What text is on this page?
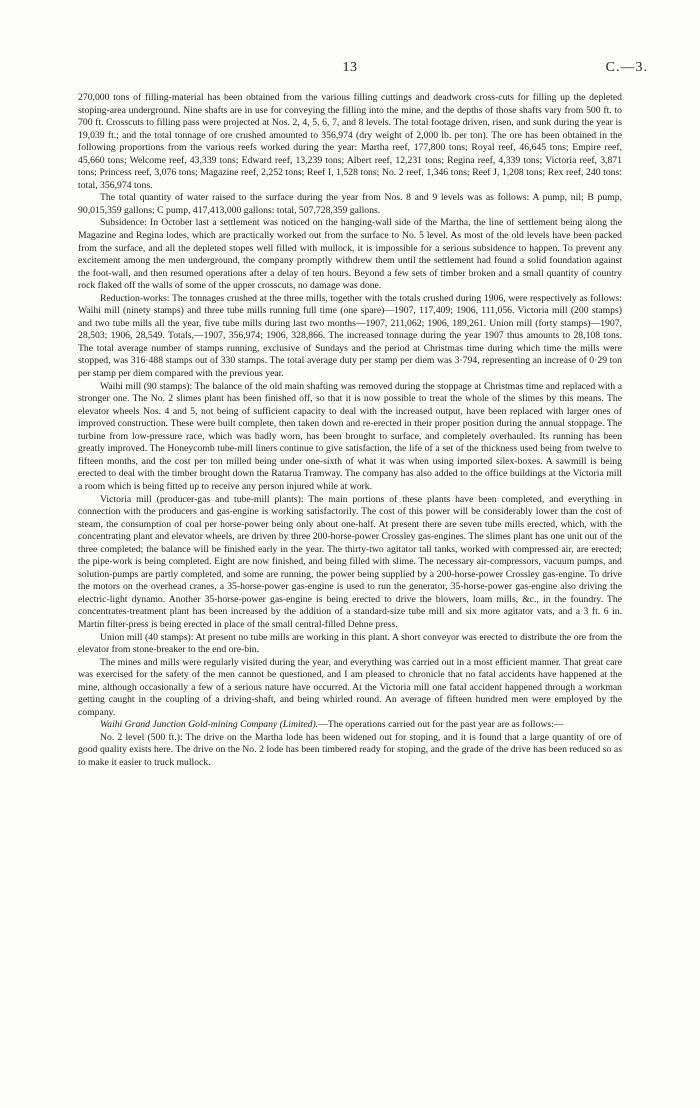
13	C.—3.

270,000 tons of filling-material has been obtained from the various filling cuttings and deadwork cross-cuts for filling up the depleted stoping-area underground. Nine shafts are in use for conveying the filling into the mine, and the depths of those shafts vary from 500 ft. to 700 ft. Crosscuts to filling pass were projected at Nos. 2, 4, 5, 6, 7, and 8 levels. The total footage driven, risen, and sunk during the year is 19,039 ft.; and the total tonnage of ore crushed amounted to 356,974 (dry weight of 2,000 lb. per ton). The ore has been obtained in the following proportions from the various reefs worked during the year: Martha reef, 177,800 tons; Royal reef, 46,645 tons; Empire reef, 45,660 tons; Welcome reef, 43,339 tons; Edward reef, 13,239 tons; Albert reef, 12,231 tons; Regina reef, 4,339 tons; Victoria reef, 3,871 tons; Princess reef, 3,076 tons; Magazine reef, 2,252 tons; Reef I, 1,528 tons; No. 2 reef, 1,346 tons; Reef J, 1,208 tons; Rex reef, 240 tons: total, 356,974 tons.

The total quantity of water raised to the surface during the year from Nos. 8 and 9 levels was as follows: A pump, nil; B pump, 90,015,359 gallons; C pump, 417,413,000 gallons: total, 507,728,359 gallons.

Subsidence: In October last a settlement was noticed on the hanging-wall side of the Martha, the line of settlement being along the Magazine and Regina lodes, which are practically worked out from the surface to No. 5 level. As most of the old levels have been packed from the surface, and all the depleted stopes well filled with mullock, it is impossible for a serious subsidence to happen. To prevent any excitement among the men underground, the company promptly withdrew them until the settlement had found a solid foundation against the foot-wall, and then resumed operations after a delay of ten hours. Beyond a few sets of timber broken and a small quantity of country rock flaked off the walls of some of the upper crosscuts, no damage was done.

Reduction-works: The tonnages crushed at the three mills, together with the totals crushed during 1906, were respectively as follows: Waihi mill (ninety stamps) and three tube mills running full time (one spare)—1907, 117,409; 1906, 111,056. Victoria mill (200 stamps) and two tube mills all the year, five tube mills during last two months—1907, 211,062; 1906, 189,261. Union mill (forty stamps)—1907, 28,503; 1906, 28,549. Totals,—1907, 356,974; 1906, 328,866. The increased tonnage during the year 1907 thus amounts to 28,108 tons. The total average number of stamps running, exclusive of Sundays and the period at Christmas time during which time the mills were stopped, was 316·488 stamps out of 330 stamps. The total average duty per stamp per diem was 3·794, representing an increase of 0·29 ton per stamp per diem compared with the previous year.

Waihi mill (90 stamps): The balance of the old main shafting was removed during the stoppage at Christmas time and replaced with a stronger one. The No. 2 slimes plant has been finished off, so that it is now possible to treat the whole of the slimes by this means. The elevator wheels Nos. 4 and 5, not being of sufficient capacity to deal with the increased output, have been replaced with larger ones of improved construction. These were built complete, then taken down and re-erected in their proper position during the annual stoppage. The turbine from low-pressure race, which was badly worn, has been brought to surface, and completely overhauled. Its running has been greatly improved. The Honeycomb tube-mill liners continue to give satisfaction, the life of a set of the thickness used being from twelve to fifteen months, and the cost per ton milled being under one-sixth of what it was when using imported silex-boxes. A sawmill is being erected to deal with the timber brought down the Ratarua Tramway. The company has also added to the office buildings at the Victoria mill a room which is being fitted up to receive any person injured while at work.

Victoria mill (producer-gas and tube-mill plants): The main portions of these plants have been completed, and everything in connection with the producers and gas-engine is working satisfactorily. The cost of this power will be considerably lower than the cost of steam, the consumption of coal per horse-power being only about one-half. At present there are seven tube mills erected, which, with the concentrating plant and elevator wheels, are driven by three 200-horse-power Crossley gas-engines. The slimes plant has one unit out of the three completed; the balance will be finished early in the year. The thirty-two agitator tall tanks, worked with compressed air, are erected; the pipe-work is being completed. Eight are now finished, and being filled with slime. The necessary air-compressors, vacuum pumps, and solution-pumps are partly completed, and some are running, the power being supplied by a 200-horse-power Crossley gas-engine. To drive the motors on the overhead cranes, a 35-horse-power gas-engine is used to run the generator, 35-horse-power gas-engine also driving the electric-light dynamo. Another 35-horse-power gas-engine is being erected to drive the blowers, loam mills, &c., in the foundry. The concentrates-treatment plant has been increased by the addition of a standard-size tube mill and six more agitator vats, and a 3 ft. 6 in. Martin filter-press is being erected in place of the small central-filled Dehne press.

Union mill (40 stamps): At present no tube mills are working in this plant. A short conveyor was erected to distribute the ore from the elevator from stone-breaker to the end ore-bin.

The mines and mills were regularly visited during the year, and everything was carried out in a most efficient manner. That great care was exercised for the safety of the men cannot be questioned, and I am pleased to chronicle that no fatal accidents have happened at the mine, although occasionally a few of a serious nature have occurred. At the Victoria mill one fatal accident happened through a workman getting caught in the coupling of a driving-shaft, and being whirled round. An average of fifteen hundred men were employed by the company.

Waihi Grand Junction Gold-mining Company (Limited).—The operations carried out for the past year are as follows:—

No. 2 level (500 ft.): The drive on the Martha lode has been widened out for stoping, and it is found that a large quantity of ore of good quality exists here. The drive on the No. 2 lode has been timbered ready for stoping, and the grade of the drive has been reduced so as to make it easier to truck mullock.
